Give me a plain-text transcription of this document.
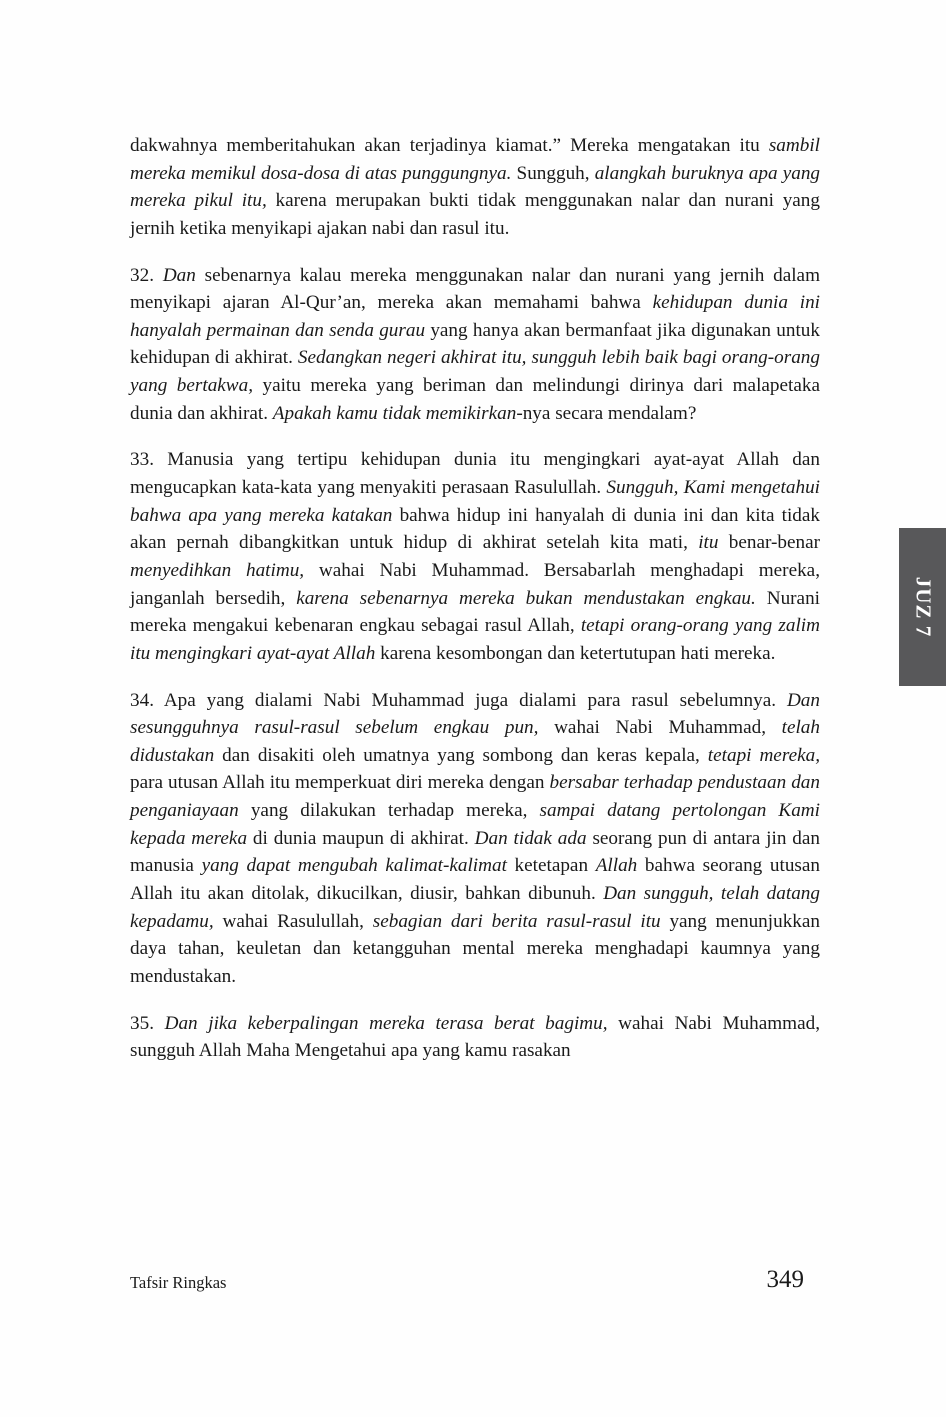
dakwahnya memberitahukan akan terjadinya kiamat.” Mereka mengatakan itu sambil mereka memikul dosa-dosa di atas punggungnya. Sungguh, alangkah buruknya apa yang mereka pikul itu, karena merupakan bukti tidak menggunakan nalar dan nurani yang jernih ketika menyikapi ajakan nabi dan rasul itu.

32. Dan sebenarnya kalau mereka menggunakan nalar dan nurani yang jernih dalam menyikapi ajaran Al-Qur’an, mereka akan memahami bahwa kehidupan dunia ini hanyalah permainan dan senda gurau yang hanya akan bermanfaat jika digunakan untuk kehidupan di akhirat. Sedangkan negeri akhirat itu, sungguh lebih baik bagi orang-orang yang bertakwa, yaitu mereka yang beriman dan melindungi dirinya dari malapetaka dunia dan akhirat. Apakah kamu tidak memikirkan-nya secara mendalam?

33. Manusia yang tertipu kehidupan dunia itu mengingkari ayat-ayat Allah dan mengucapkan kata-kata yang menyakiti perasaan Rasulullah. Sungguh, Kami mengetahui bahwa apa yang mereka katakan bahwa hidup ini hanyalah di dunia ini dan kita tidak akan pernah dibangkitkan untuk hidup di akhirat setelah kita mati, itu benar-benar menyedihkan hatimu, wahai Nabi Muhammad. Bersabarlah menghadapi mereka, janganlah bersedih, karena sebenarnya mereka bukan mendustakan engkau. Nurani mereka mengakui kebenaran engkau sebagai rasul Allah, tetapi orang-orang yang zalim itu mengingkari ayat-ayat Allah karena kesombongan dan ketertutupan hati mereka.

34. Apa yang dialami Nabi Muhammad juga dialami para rasul sebelumnya. Dan sesungguhnya rasul-rasul sebelum engkau pun, wahai Nabi Muhammad, telah didustakan dan disakiti oleh umatnya yang sombong dan keras kepala, tetapi mereka, para utusan Allah itu memperkuat diri mereka dengan bersabar terhadap pendustaan dan penganiayaan yang dilakukan terhadap mereka, sampai datang pertolongan Kami kepada mereka di dunia maupun di akhirat. Dan tidak ada seorang pun di antara jin dan manusia yang dapat mengubah kalimat-kalimat ketetapan Allah bahwa seorang utusan Allah itu akan ditolak, dikucilkan, diusir, bahkan dibunuh. Dan sungguh, telah datang kepadamu, wahai Rasulullah, sebagian dari berita rasul-rasul itu yang menunjukkan daya tahan, keuletan dan ketangguhan mental mereka menghadapi kaumnya yang mendustakan.

35. Dan jika keberpalingan mereka terasa berat bagimu, wahai Nabi Muhammad, sungguh Allah Maha Mengetahui apa yang kamu rasakan

JUZ 7
Tafsir Ringkas	349
